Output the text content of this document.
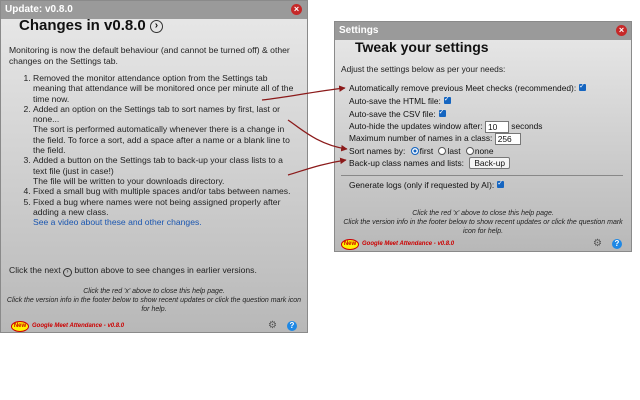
Update: v0.8.0	×
Changes in v0.8.0 ›
Monitoring is now the default behaviour (and cannot be turned off) & other changes on the Settings tab.
1. Removed the monitor attendance option from the Settings tab meaning that attendance will be monitored once per minute all of the time now.
2. Added an option on the Settings tab to sort names by first, last or none...
The sort is performed automatically whenever there is a change in the field. To force a sort, add a space after a name or a blank line to the field.
3. Added a button on the Settings tab to back-up your class lists to a text file (just in case!)
The file will be written to your downloads directory.
4. Fixed a small bug with multiple spaces and/or tabs between names.
5. Fixed a bug where names were not being assigned properly after adding a new class.
See a video about these and other changes.
Click the next › button above to see changes in earlier versions.
Click the red 'x' above to close this help page.
Click the version info in the footer below to show recent updates or click the question mark icon for help.
New Google Meet Attendance - v0.8.0	⚙	?
Settings	×
Tweak your settings
Adjust the settings below as per your needs:
Automatically remove previous Meet checks (recommended):✓
Auto-save the HTML file:✓
Auto-save the CSV file:✓
Auto-hide the updates window after: 10 seconds
Maximum number of names in a class: 256
Sort names by: first last none
Back-up class names and lists: Back-up
Generate logs (only if requested by AI):✓
Click the red 'x' above to close this help page.
Click the version info in the footer below to show recent updates or click the question mark icon for help.
New Google Meet Attendance - v0.8.0	⚙	?
